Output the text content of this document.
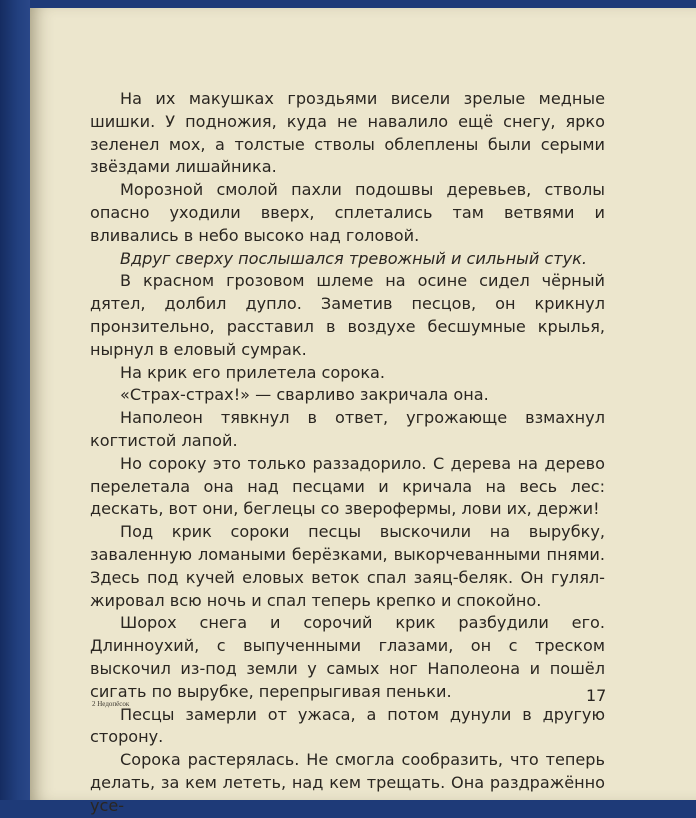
На их макушках гроздьями висели зрелые медные шишки. У подножия, куда не навалило ещё снегу, ярко зеленел мох, а толстые стволы облеплены были серыми звёздами лишайника.

Морозной смолой пахли подошвы деревьев, стволы опасно уходили вверх, сплетались там ветвями и вливались в небо высоко над головой.

Вдруг сверху послышался тревожный и сильный стук.

В красном грозовом шлеме на осине сидел чёрный дятел, долбил дупло. Заметив песцов, он крикнул пронзительно, расставил в воздухе бесшумные крылья, нырнул в еловый сумрак.

На крик его прилетела сорока.

«Страх-страх!» — сварливо закричала она.

Наполеон тявкнул в ответ, угрожающе взмахнул когтистой лапой.

Но сороку это только раззадорило. С дерева на дерево перелетала она над песцами и кричала на весь лес: дескать, вот они, беглецы со зверофермы, лови их, держи!

Под крик сороки песцы выскочили на вырубку, заваленную ломаными берёзками, выкорчеванными пнями. Здесь под кучей еловых веток спал заяц-беляк. Он гулял-жировал всю ночь и спал теперь крепко и спокойно.

Шорох снега и сорочий крик разбудили его. Длинноухий, с выпученными глазами, он с треском выскочил из-под земли у самых ног Наполеона и пошёл сигать по вырубке, перепрыгивая пеньки.

Песцы замерли от ужаса, а потом дунули в другую сторону.

Сорока растерялась. Не смогла сообразить, что теперь делать, за кем лететь, над кем трещать. Она раздражённо усе-

2 Недопёсок	17
